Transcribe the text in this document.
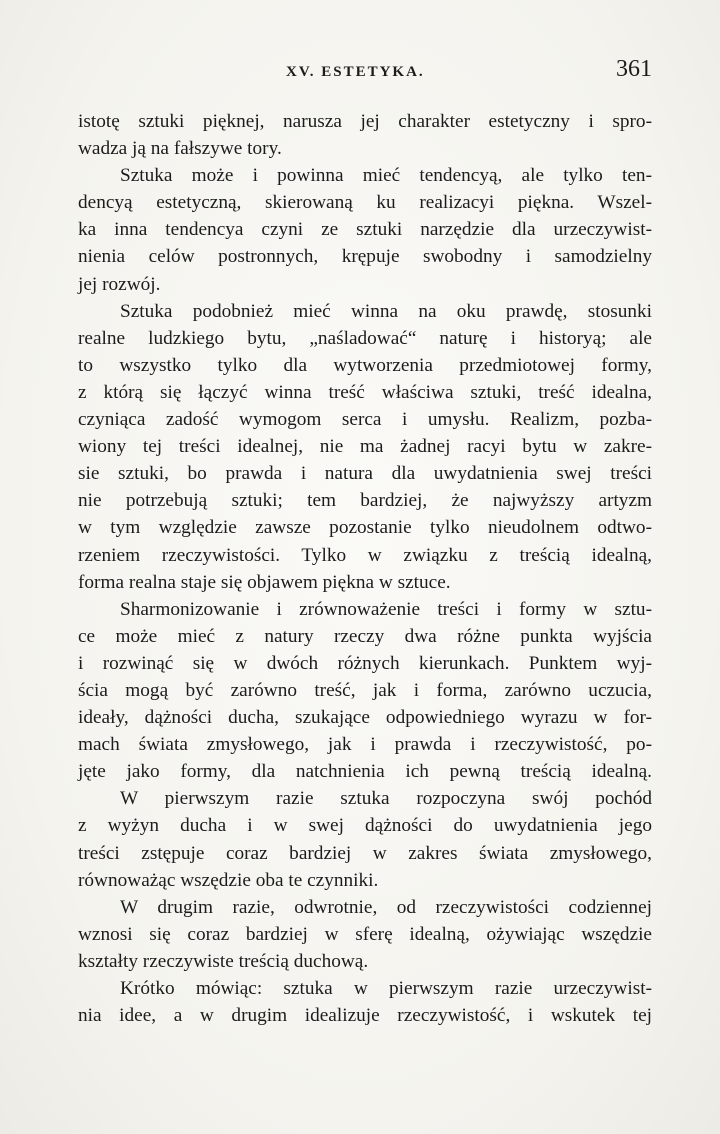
XV. ESTETYKA.	361

istotę sztuki pięknej, narusza jej charakter estetyczny i spro-

wadza ją na fałszywe tory.

Sztuka może i powinna mieć tendencyą, ale tylko ten-

dencyą estetyczną, skierowaną ku realizacyi piękna. Wszel-

ka inna tendencya czyni ze sztuki narzędzie dla urzeczywist-

nienia celów postronnych, krępuje swobodny i samodzielny

jej rozwój.

Sztuka podobnież mieć winna na oku prawdę, stosunki

realne ludzkiego bytu, „naśladować“ naturę i historyą; ale

to wszystko tylko dla wytworzenia przedmiotowej formy,

z którą się łączyć winna treść właściwa sztuki, treść idealna,

czyniąca zadość wymogom serca i umysłu. Realizm, pozba-

wiony tej treści idealnej, nie ma żadnej racyi bytu w zakre-

sie sztuki, bo prawda i natura dla uwydatnienia swej treści

nie potrzebują sztuki; tem bardziej, że najwyższy artyzm

w tym względzie zawsze pozostanie tylko nieudolnem odtwo-

rzeniem rzeczywistości. Tylko w związku z treścią idealną,

forma realna staje się objawem piękna w sztuce.

Sharmonizowanie i zrównoważenie treści i formy w sztu-

ce może mieć z natury rzeczy dwa różne punkta wyjścia

i rozwinąć się w dwóch różnych kierunkach. Punktem wyj-

ścia mogą być zarówno treść, jak i forma, zarówno uczucia,

ideały, dążności ducha, szukające odpowiedniego wyrazu w for-

mach świata zmysłowego, jak i prawda i rzeczywistość, po-

jęte jako formy, dla natchnienia ich pewną treścią idealną.

W pierwszym razie sztuka rozpoczyna swój pochód

z wyżyn ducha i w swej dążności do uwydatnienia jego

treści zstępuje coraz bardziej w zakres świata zmysłowego,

równoważąc wszędzie oba te czynniki.

W drugim razie, odwrotnie, od rzeczywistości codziennej

wznosi się coraz bardziej w sferę idealną, ożywiając wszędzie

kształty rzeczywiste treścią duchową.

Krótko mówiąc: sztuka w pierwszym razie urzeczywist-

nia idee, a w drugim idealizuje rzeczywistość, i wskutek tej
